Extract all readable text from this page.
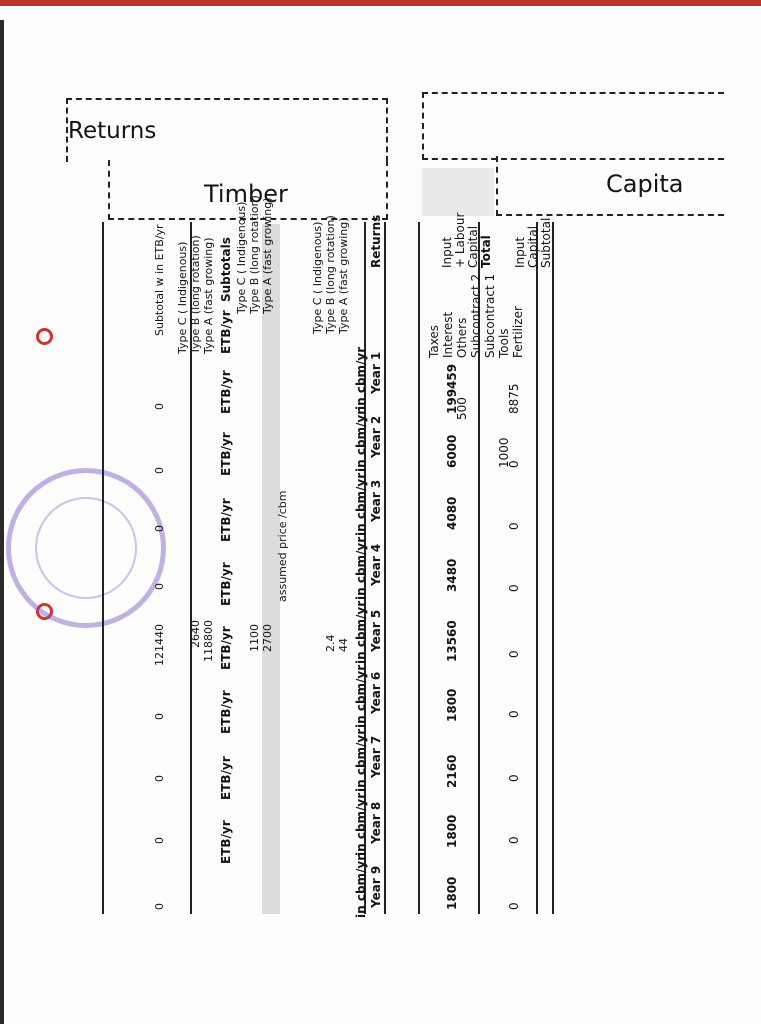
Returns
Timber	Capita
Fertilizer
Tools
1000
Subcontract 1
Subcontract 2
Others
500
Interest
Taxes
Subtotal
Capital
Input
8875
0
0
0
0
0
0
0
0
Total
Capital
+ Labour
Input
199459
6000
4080
3480
13560
1800
2160
1800
1800
Returns
Year 1
Year 2
Year 3
Year 4
Year 5
Year 6
Year 7
Year 8
Year 9
in cbm/yr
in cbm/yr
in cbm/yr
in cbm/yr
in cbm/yr
in cbm/yr
in cbm/yr
in cbm/yr
in cbm/yr
Type A (fast growing)
44
Type B (long rotation)
2.4
Type C ( Indigenous)
assumed price /cbm
Type A (fast growing)
2700
Type B (long rotation)
1100
Type C ( Indigenous)
Subtotals
ETB/yr
ETB/yr
ETB/yr
ETB/yr
ETB/yr
ETB/yr
ETB/yr
ETB/yr
ETB/yr
Type A (fast growing)
118800
Type B (long rotation)
2640
Type C ( Indigenous)
Subtotal w in ETB/yr
0
0
0
0
121440
0
0
0
0
